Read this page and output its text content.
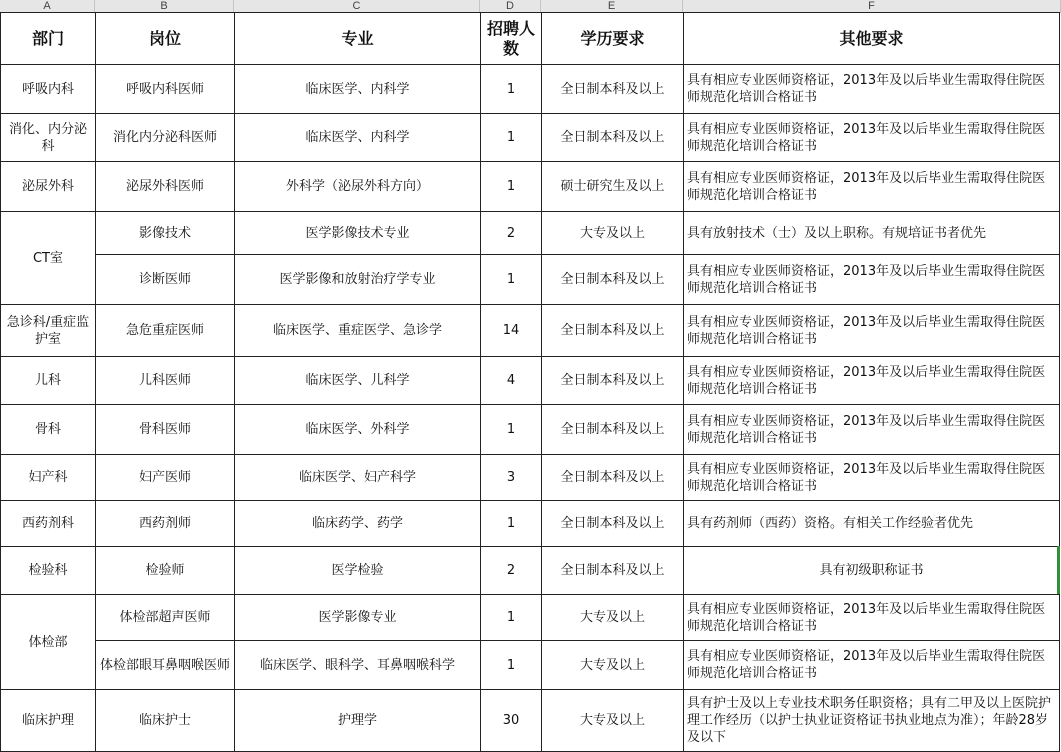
A	B	C	D	E	F
部门	岗位	专业	招聘人数	学历要求	其他要求
呼吸内科	呼吸内科医师	临床医学、内科学	1	全日制本科及以上	具有相应专业医师资格证，2013年及以后毕业生需取得住院医师规范化培训合格证书
消化、内分泌科	消化内分泌科医师	临床医学、内科学	1	全日制本科及以上	具有相应专业医师资格证，2013年及以后毕业生需取得住院医师规范化培训合格证书
泌尿外科	泌尿外科医师	外科学（泌尿外科方向）	1	硕士研究生及以上	具有相应专业医师资格证，2013年及以后毕业生需取得住院医师规范化培训合格证书
CT室	影像技术	医学影像技术专业	2	大专及以上	具有放射技术（士）及以上职称。有规培证书者优先
	诊断医师	医学影像和放射治疗学专业	1	全日制本科及以上	具有相应专业医师资格证，2013年及以后毕业生需取得住院医师规范化培训合格证书
急诊科/重症监护室	急危重症医师	临床医学、重症医学、急诊学	14	全日制本科及以上	具有相应专业医师资格证，2013年及以后毕业生需取得住院医师规范化培训合格证书
儿科	儿科医师	临床医学、儿科学	4	全日制本科及以上	具有相应专业医师资格证，2013年及以后毕业生需取得住院医师规范化培训合格证书
骨科	骨科医师	临床医学、外科学	1	全日制本科及以上	具有相应专业医师资格证，2013年及以后毕业生需取得住院医师规范化培训合格证书
妇产科	妇产医师	临床医学、妇产科学	3	全日制本科及以上	具有相应专业医师资格证，2013年及以后毕业生需取得住院医师规范化培训合格证书
西药剂科	西药剂师	临床药学、药学	1	全日制本科及以上	具有药剂师（西药）资格。有相关工作经验者优先
检验科	检验师	医学检验	2	全日制本科及以上	具有初级职称证书
体检部	体检部超声医师	医学影像专业	1	大专及以上	具有相应专业医师资格证，2013年及以后毕业生需取得住院医师规范化培训合格证书
	体检部眼耳鼻咽喉医师	临床医学、眼科学、耳鼻咽喉科学	1	大专及以上	具有相应专业医师资格证，2013年及以后毕业生需取得住院医师规范化培训合格证书
临床护理	临床护士	护理学	30	大专及以上	具有护士及以上专业技术职务任职资格；具有二甲及以上医院护理工作经历（以护士执业证资格证书执业地点为准）；年龄28岁及以下
